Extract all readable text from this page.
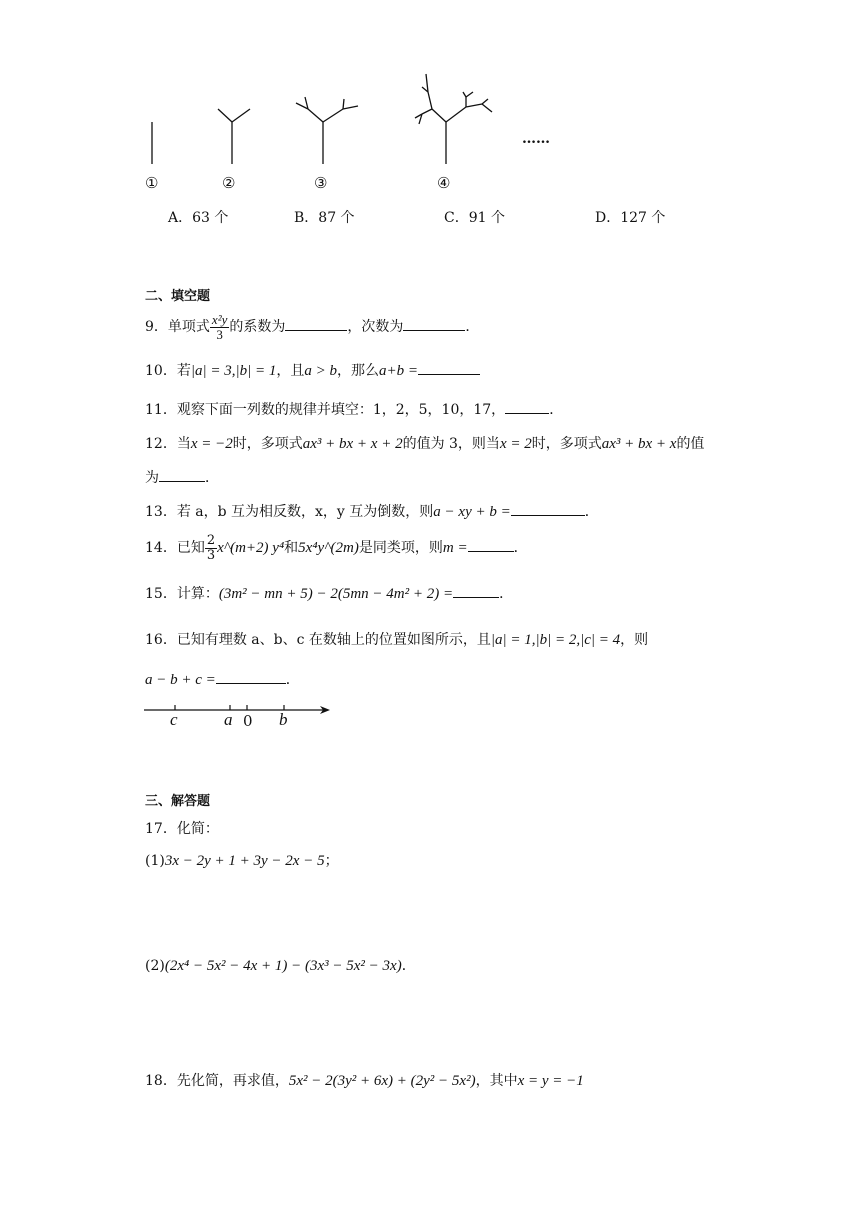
①	②	③	④
……
A．63 个	B．87 个	C．91 个	D．127 个
二、填空题
9．单项式 $\frac{\text{x²y}}{3}$ 的系数为	，次数为	．
10．若|a| = 3,|b| = 1，且a > b，那么a+b =
11．观察下面一列数的规律并填空：1，2，5，10，17，	．
12．当x = −2时，多项式ax³ + bx + x + 2的值为 3，则当x = 2时，多项式ax³ + bx + x的值
为	．
13．若 a，b 互为相反数，x，y 互为倒数，则a − xy + b =	．
14．已知 $\frac{2}{3}$ x^(m+2) y⁴和5x⁴y^(2m)是同类项，则m =	．
15．计算：(3m² − mn + 5) − 2(5mn − 4m² + 2) =	．
16．已知有理数 a、b、c 在数轴上的位置如图所示，且|a| = 1,|b| = 2,|c| = 4，则
a − b + c =	．
c	a 0 b
三、解答题
17．化简：
(1)3x − 2y + 1 + 3y − 2x − 5；
(2)(2x⁴ − 5x² − 4x + 1) − (3x³ − 5x² − 3x)．
18．先化简，再求值，5x² − 2(3y² + 6x) + (2y² − 5x²)，其中x = y = −1
